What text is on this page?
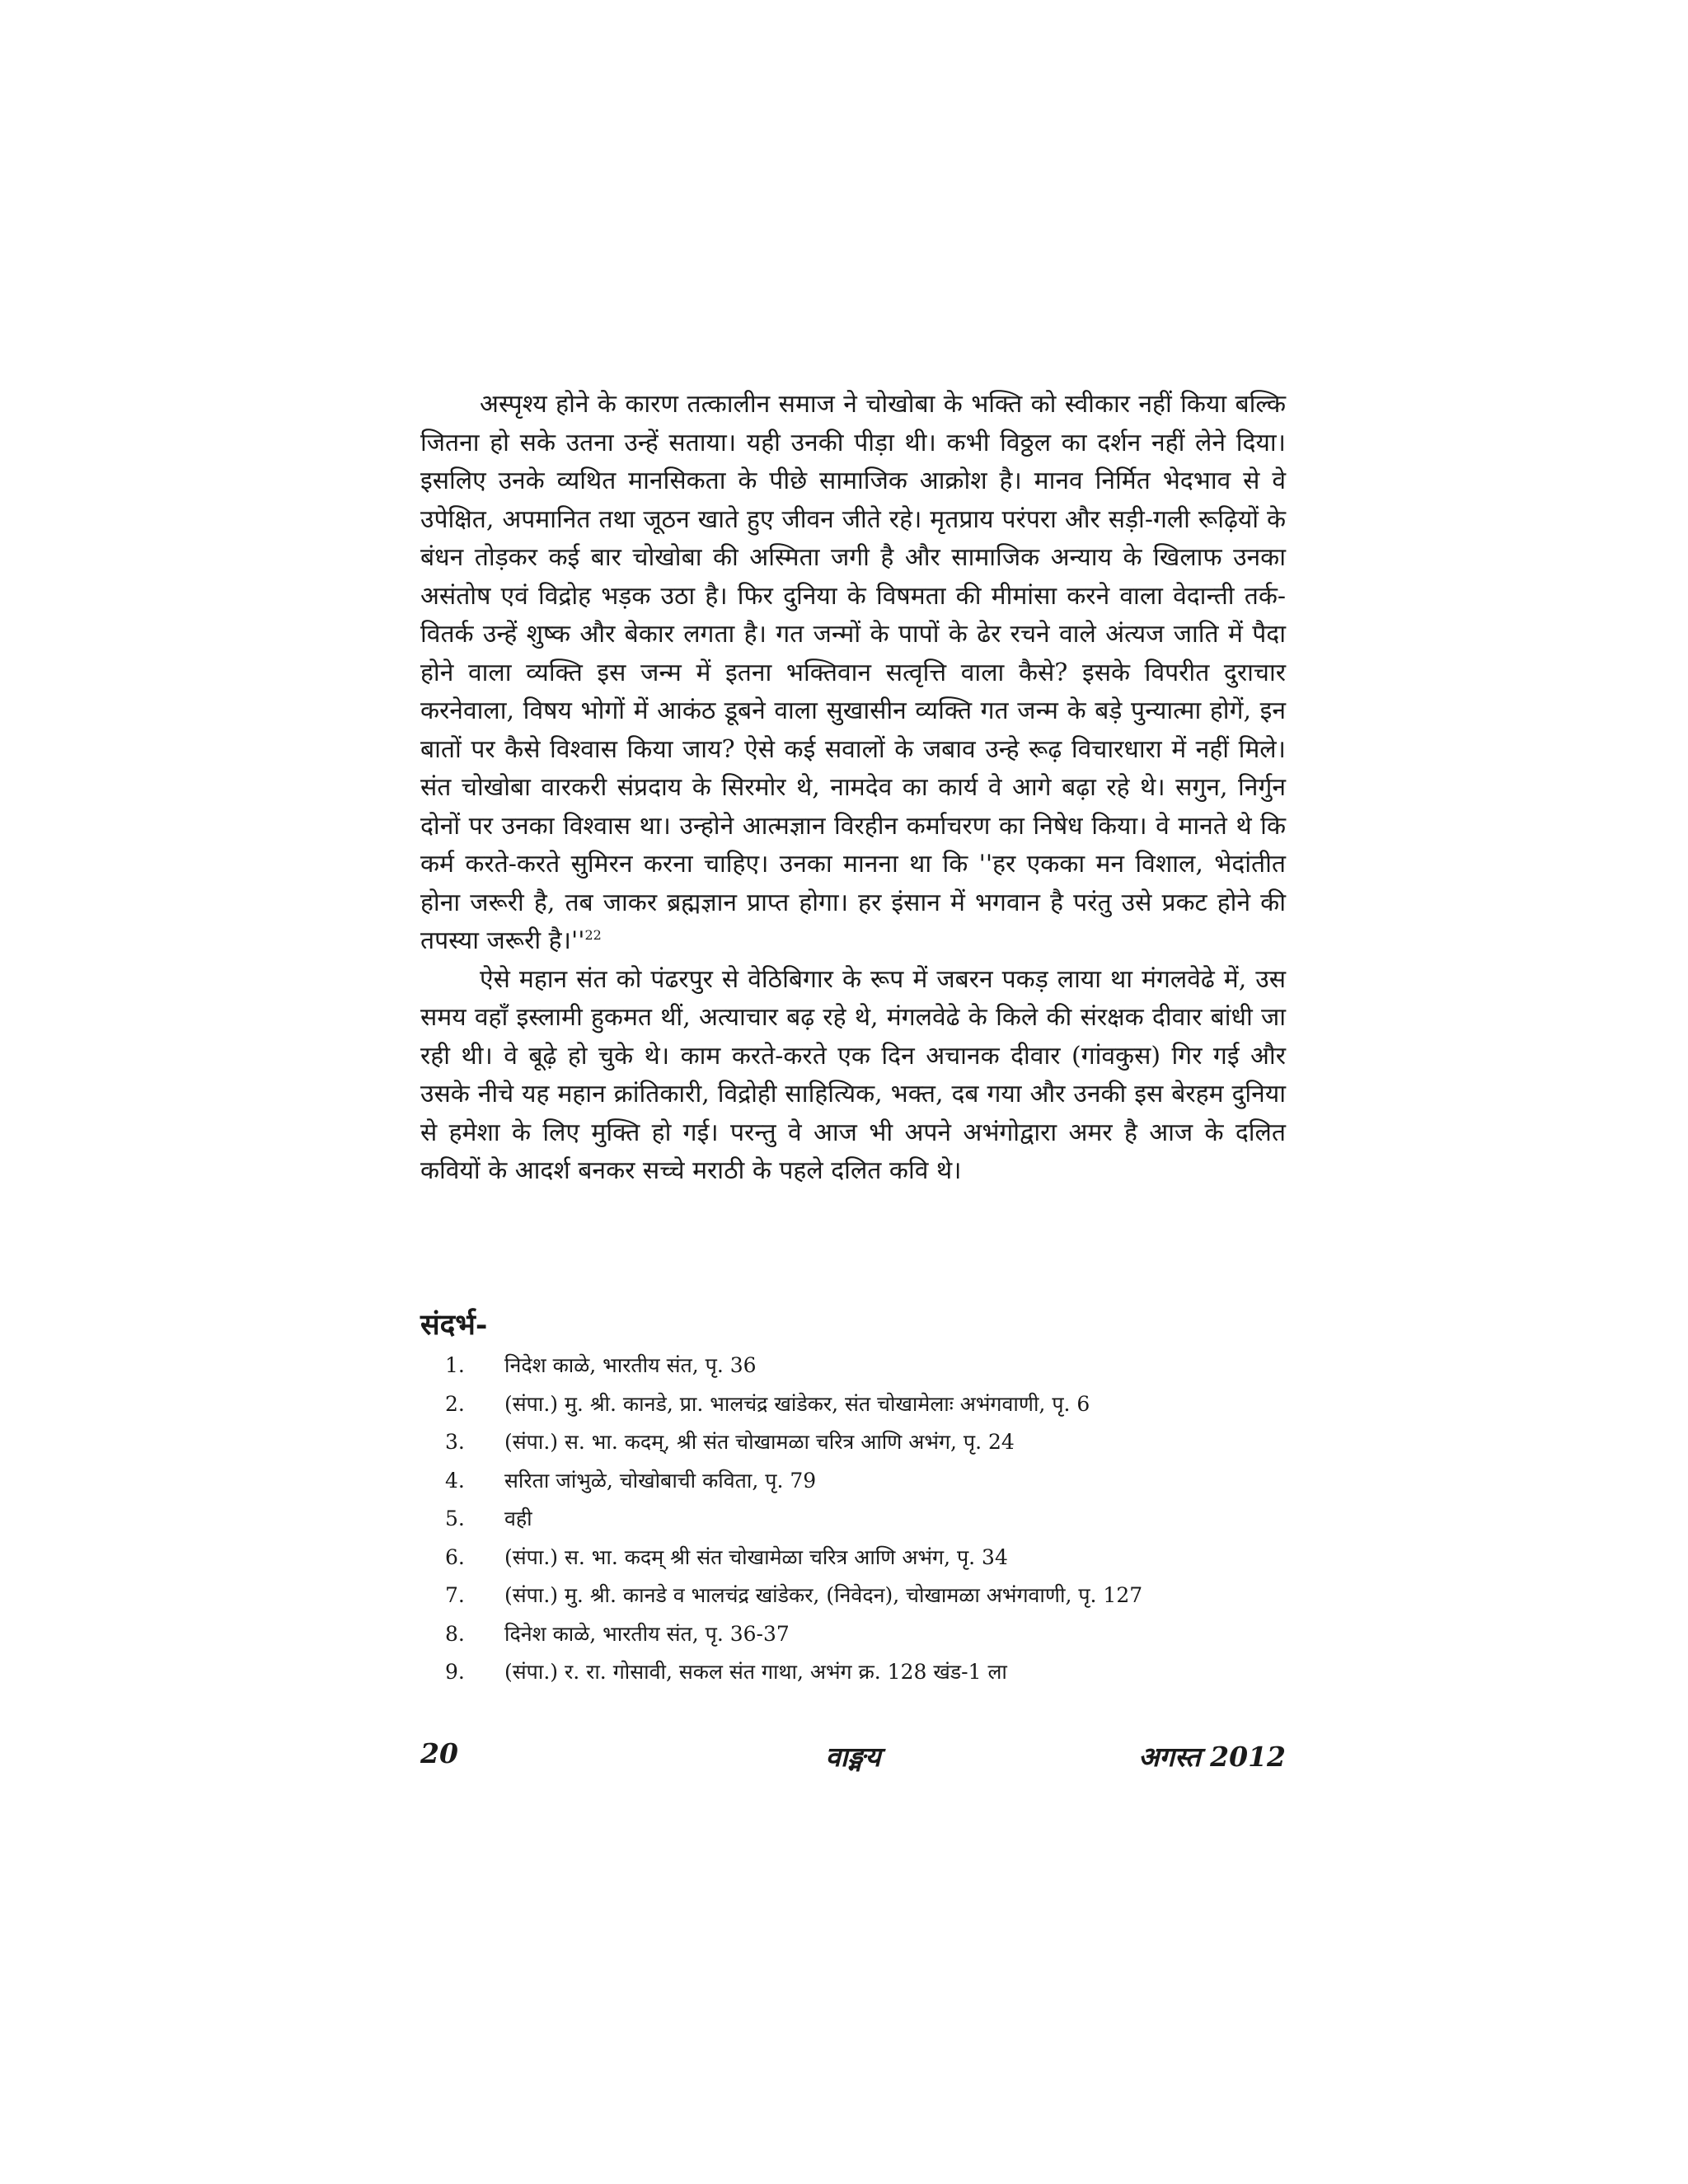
अस्पृश्य होने के कारण तत्कालीन समाज ने चोखोबा के भक्ति को स्वीकार नहीं किया बल्कि जितना हो सके उतना उन्हें सताया। यही उनकी पीड़ा थी। कभी विठ्ठल का दर्शन नहीं लेने दिया। इसलिए उनके व्यथित मानसिकता के पीछे सामाजिक आक्रोश है। मानव निर्मित भेदभाव से वे उपेक्षित, अपमानित तथा जूठन खाते हुए जीवन जीते रहे। मृतप्राय परंपरा और सड़ी-गली रूढ़ियों के बंधन तोड़कर कई बार चोखोबा की अस्मिता जगी है और सामाजिक अन्याय के खिलाफ उनका असंतोष एवं विद्रोह भड़क उठा है। फिर दुनिया के विषमता की मीमांसा करने वाला वेदान्ती तर्क-वितर्क उन्हें शुष्क और बेकार लगता है। गत जन्मों के पापों के ढेर रचने वाले अंत्यज जाति में पैदा होने वाला व्यक्ति इस जन्म में इतना भक्तिवान सत्वृत्ति वाला कैसे? इसके विपरीत दुराचार करनेवाला, विषय भोगों में आकंठ डूबने वाला सुखासीन व्यक्ति गत जन्म के बड़े पुन्यात्मा होगें, इन बातों पर कैसे विश्वास किया जाय? ऐसे कई सवालों के जबाव उन्हे रूढ़ विचारधारा में नहीं मिले। संत चोखोबा वारकरी संप्रदाय के सिरमोर थे, नामदेव का कार्य वे आगे बढ़ा रहे थे। सगुन, निर्गुन दोनों पर उनका विश्वास था। उन्होने आत्मज्ञान विरहीन कर्माचरण का निषेध किया। वे मानते थे कि कर्म करते-करते सुमिरन करना चाहिए। उनका मानना था कि ''हर एकका मन विशाल, भेदांतीत होना जरूरी है, तब जाकर ब्रह्मज्ञान प्राप्त होगा। हर इंसान में भगवान है परंतु उसे प्रकट होने की तपस्या जरूरी $है।''^{22}$

ऐसे महान संत को पंढरपुर से वेठिबिगार के रूप में जबरन पकड़ लाया था मंगलवेढे में, उस समय वहाँ इस्लामी हुकमत थीं, अत्याचार बढ़ रहे थे, मंगलवेढे के किले की संरक्षक दीवार बांधी जा रही थी। वे बूढ़े हो चुके थे। काम करते-करते एक दिन अचानक दीवार (गांवकुस) गिर गई और उसके नीचे यह महान क्रांतिकारी, विद्रोही साहित्यिक, भक्त, दब गया और उनकी इस बेरहम दुनिया से हमेशा के लिए मुक्ति हो गई। परन्तु वे आज भी अपने अभंगोद्वारा अमर है आज के दलित कवियों के आदर्श बनकर सच्चे मराठी के पहले दलित कवि थे।

संदर्भ-
1.	निदेश काळे, भारतीय संत, पृ. 36
2.	(संपा.) मु. श्री. कानडे, प्रा. भालचंद्र खांडेकर, संत चोखामेलाः अभंगवाणी, पृ. 6
3.	(संपा.) स. भा. कदम्, श्री संत चोखामळा चरित्र आणि अभंग, पृ. 24
4.	सरिता जांभुळे, चोखोबाची कविता, पृ. 79
5.	वही
6.	(संपा.) स. भा. कदम् श्री संत चोखामेळा चरित्र आणि अभंग, पृ. 34
7.	(संपा.) मु. श्री. कानडे व भालचंद्र खांडेकर, (निवेदन), चोखामळा अभंगवाणी, पृ. 127
8.	दिनेश काळे, भारतीय संत, पृ. 36-37
9.	(संपा.) र. रा. गोसावी, सकल संत गाथा, अभंग क्र. 128 खंड-1 ला
20	वाङ्मय	अगस्त 2012
